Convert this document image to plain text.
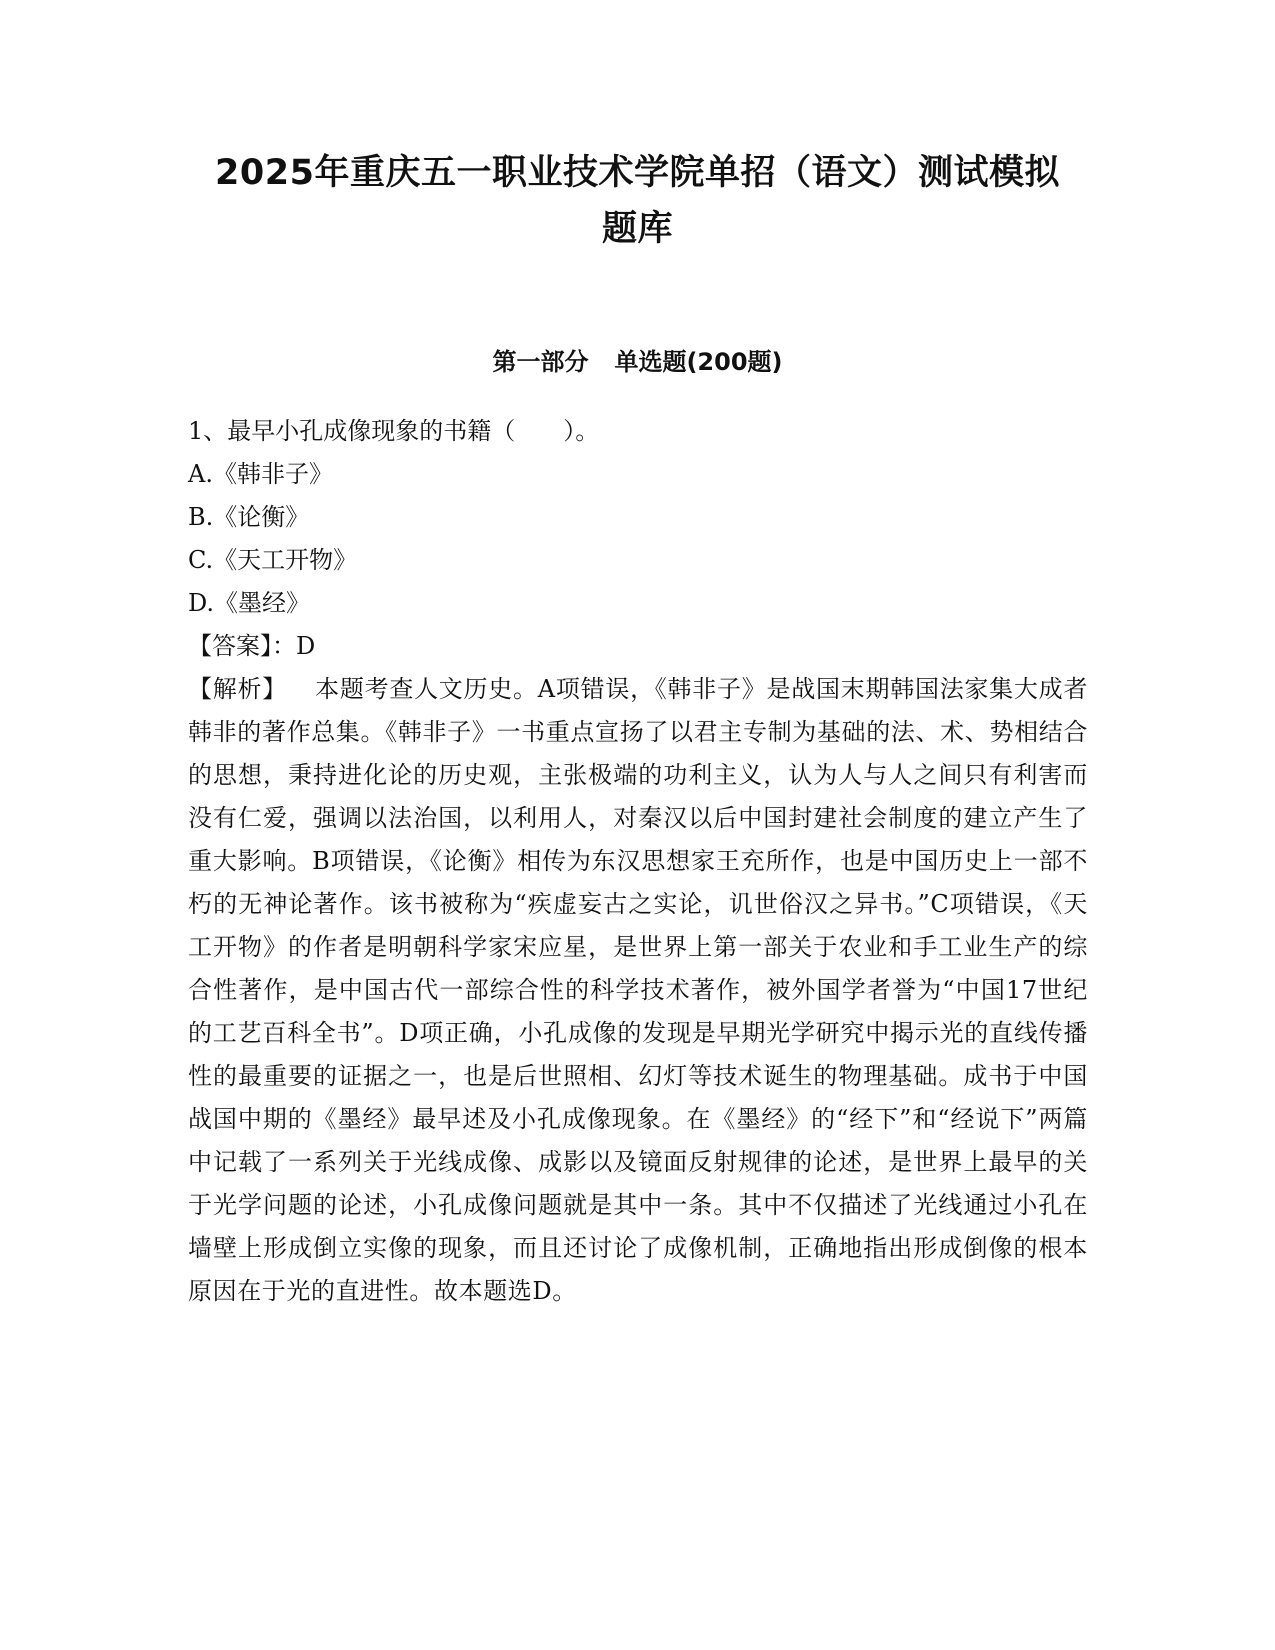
2025年重庆五一职业技术学院单招（语文）测试模拟
题库
第一部分 单选题(200题)
1、最早小孔成像现象的书籍（　　）。
A.《韩非子》
B.《论衡》
C.《天工开物》
D.《墨经》
【答案】：D
【解析】 本题考查人文历史。A项错误，《韩非子》是战国末期韩国法家集大成者韩非的著作总集。《韩非子》一书重点宣扬了以君主专制为基础的法、术、势相结合的思想，秉持进化论的历史观，主张极端的功利主义，认为人与人之间只有利害而没有仁爱，强调以法治国，以利用人，对秦汉以后中国封建社会制度的建立产生了重大影响。B项错误，《论衡》相传为东汉思想家王充所作，也是中国历史上一部不朽的无神论著作。该书被称为“疾虚妄古之实论，讥世俗汉之异书。”C项错误，《天工开物》的作者是明朝科学家宋应星，是世界上第一部关于农业和手工业生产的综合性著作，是中国古代一部综合性的科学技术著作，被外国学者誉为“中国17世纪的工艺百科全书”。D项正确，小孔成像的发现是早期光学研究中揭示光的直线传播性的最重要的证据之一，也是后世照相、幻灯等技术诞生的物理基础。成书于中国战国中期的《墨经》最早述及小孔成像现象。在《墨经》的“经下”和“经说下”两篇中记载了一系列关于光线成像、成影以及镜面反射规律的论述，是世界上最早的关于光学问题的论述，小孔成像问题就是其中一条。其中不仅描述了光线通过小孔在墙壁上形成倒立实像的现象，而且还讨论了成像机制，正确地指出形成倒像的根本原因在于光的直进性。故本题选D。
